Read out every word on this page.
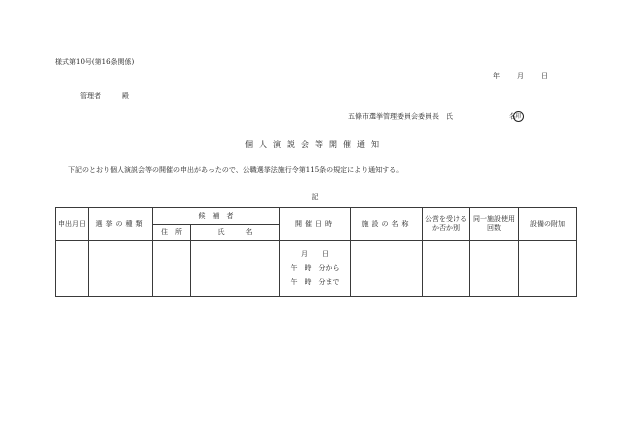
様式第10号(第16条関係)
年 月 日
管理者　　　殿
五條市選挙管理委員会委員長　氏　　　　　　　　名印
個人演説会等開催通知
下記のとおり個人演説会等の開催の申出があったので、公職選挙法施行令第115条の規定により通知する。
記
申出月日	選挙の種類	候　補　者		開催日時	施設の名称	公営を受けるか否か別	同一施設使用回数	設備の附加
		住　所	氏　　　名					

				月　　日
午　時　分から
午　時　分まで				
